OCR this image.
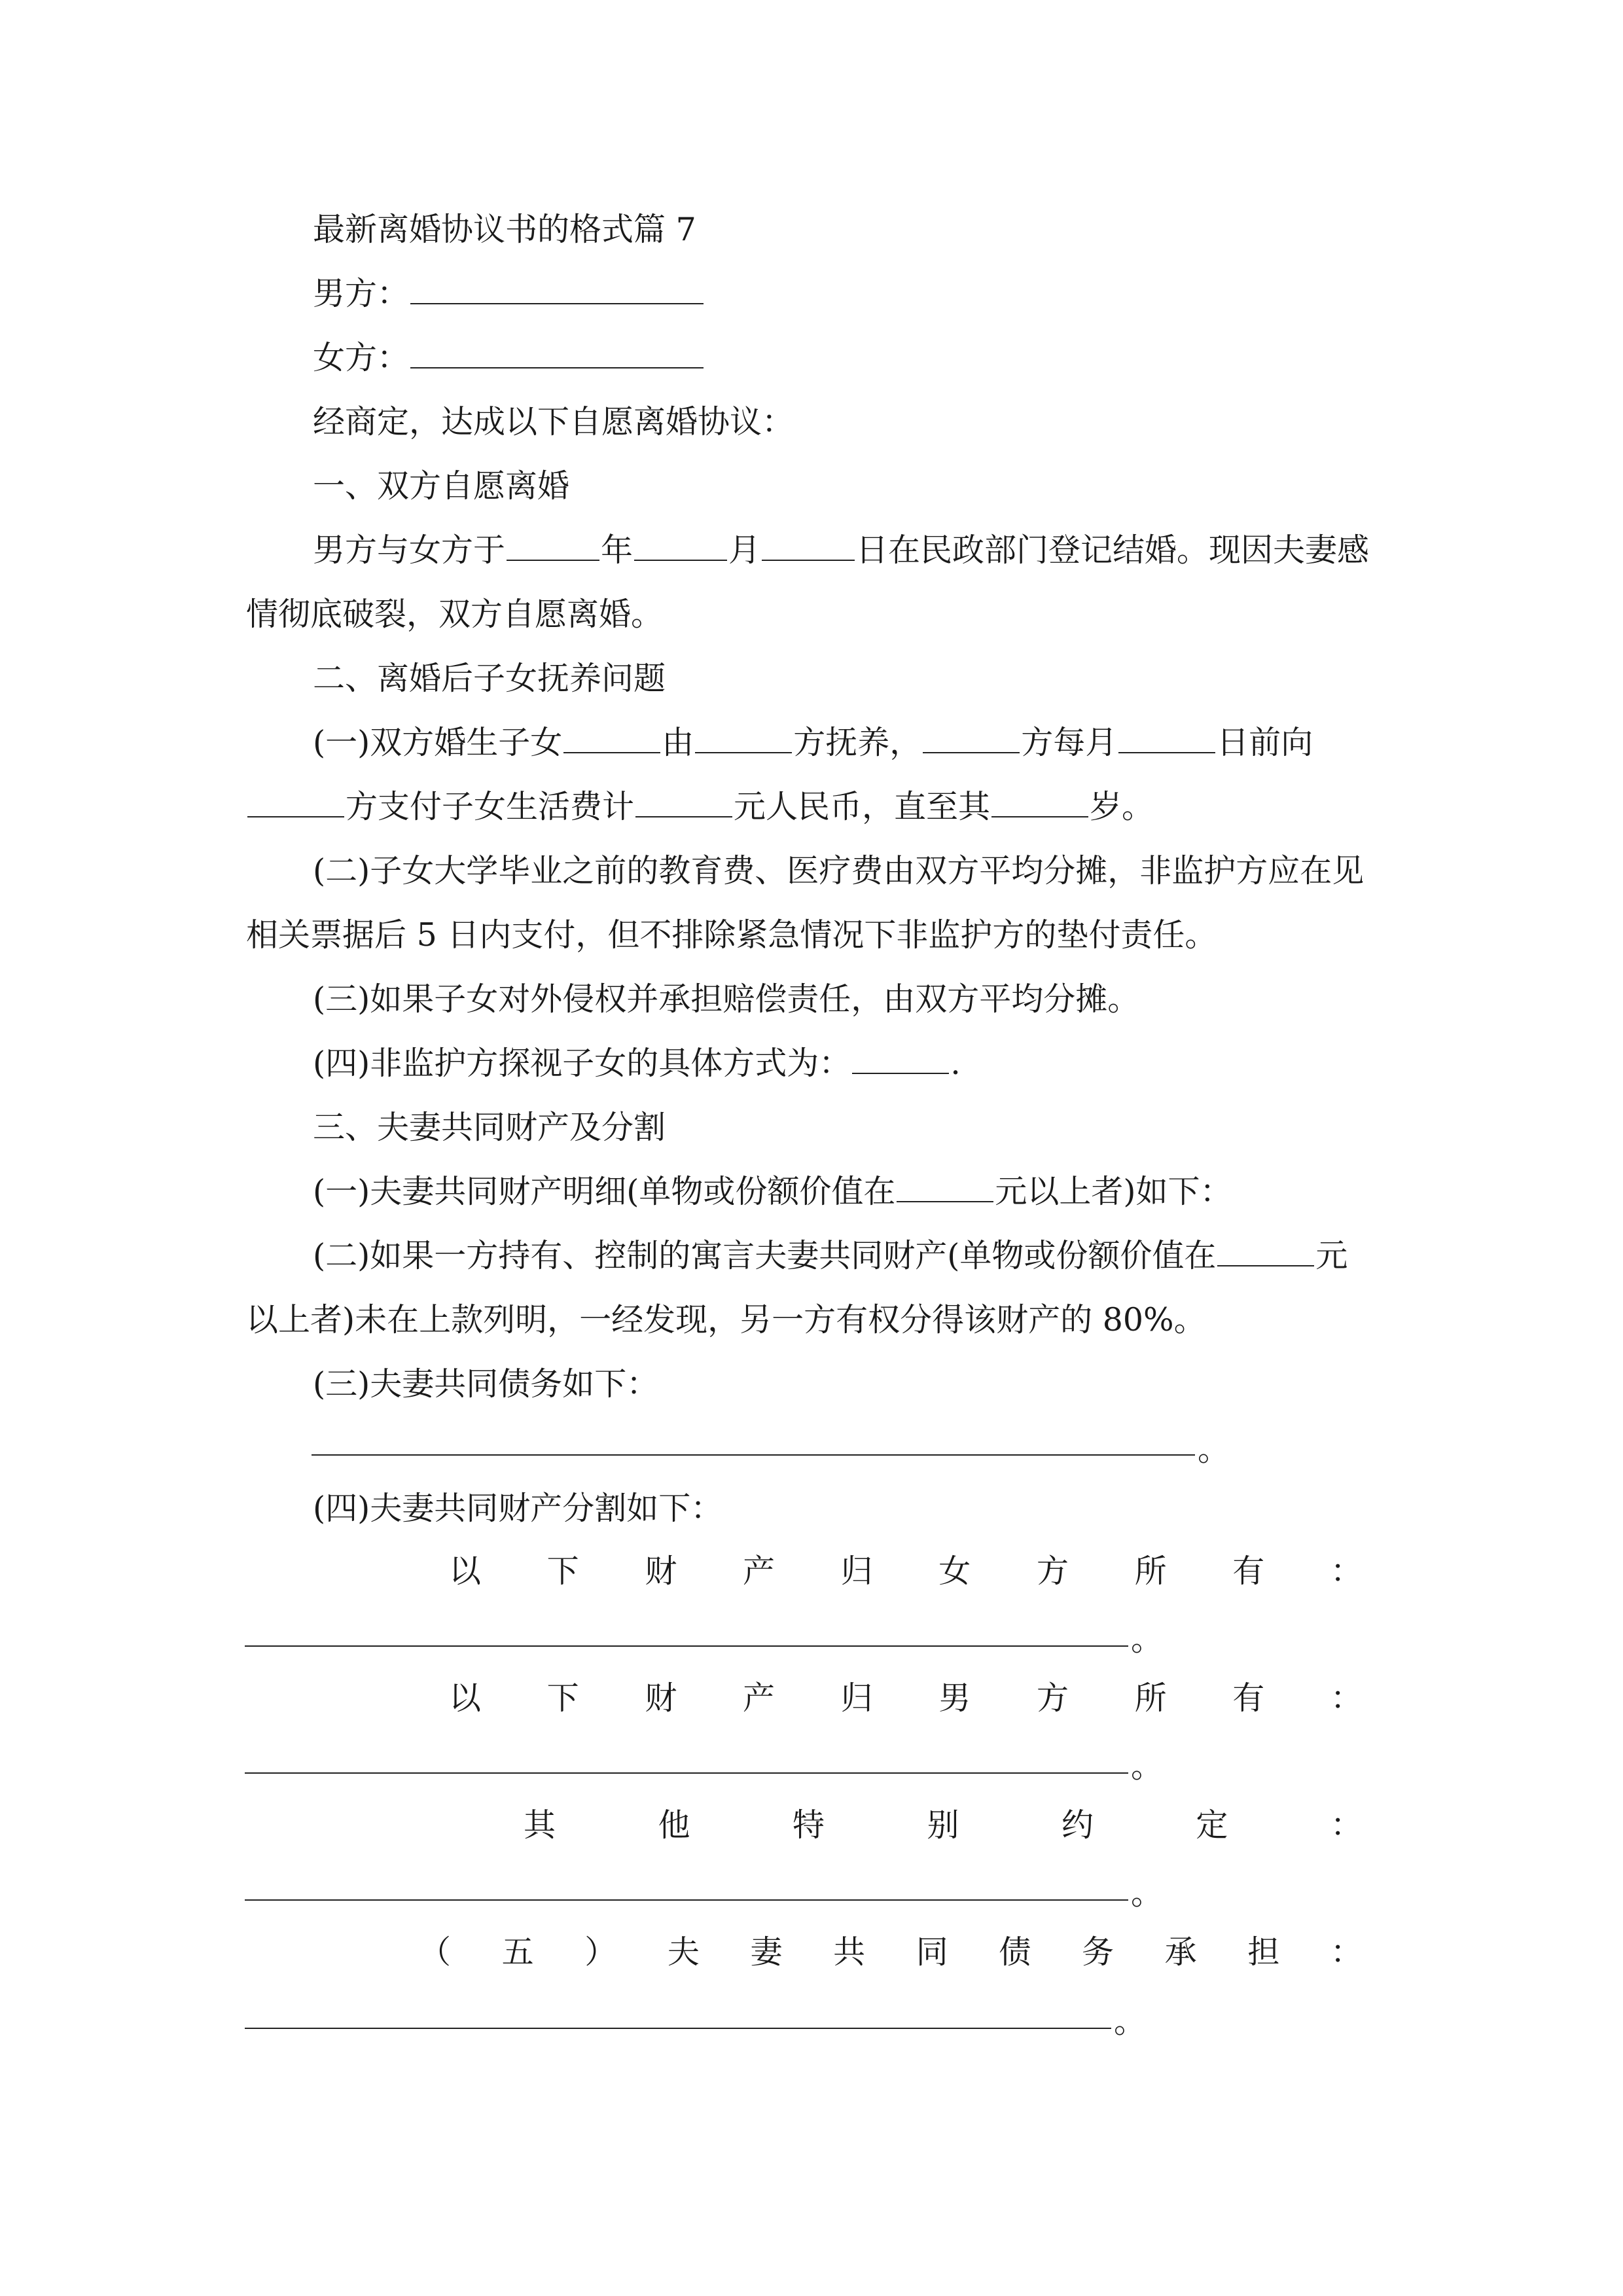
最新离婚协议书的格式篇 7
男方：
女方：
经商定，达成以下自愿离婚协议：
一、双方自愿离婚
男方与女方于	年	月	日在民政部门登记结婚。现因夫妻感
情彻底破裂，双方自愿离婚。
二、离婚后子女抚养问题
(一)双方婚生子女	由	方抚养，	方每月	日前向
方支付子女生活费计	元人民币，直至其	岁。
(二)子女大学毕业之前的教育费、医疗费由双方平均分摊，非监护方应在见
相关票据后 5 日内支付，但不排除紧急情况下非监护方的垫付责任。
(三)如果子女对外侵权并承担赔偿责任，由双方平均分摊。
(四)非监护方探视子女的具体方式为：	.
三、夫妻共同财产及分割
(一)夫妻共同财产明细(单物或份额价值在	元以上者)如下：
(二)如果一方持有、控制的寓言夫妻共同财产(单物或份额价值在	元
以上者)未在上款列明，一经发现，另一方有权分得该财产的 80%。
(三)夫妻共同债务如下：
。
(四)夫妻共同财产分割如下：
以 下 财 产 归 女 方 所 有 ：
。
以 下 财 产 归 男 方 所 有 ：
。
其	他	特	别	约	定	：
。
（ 五 ） 夫 妻 共 同 债 务 承 担 ：
。
